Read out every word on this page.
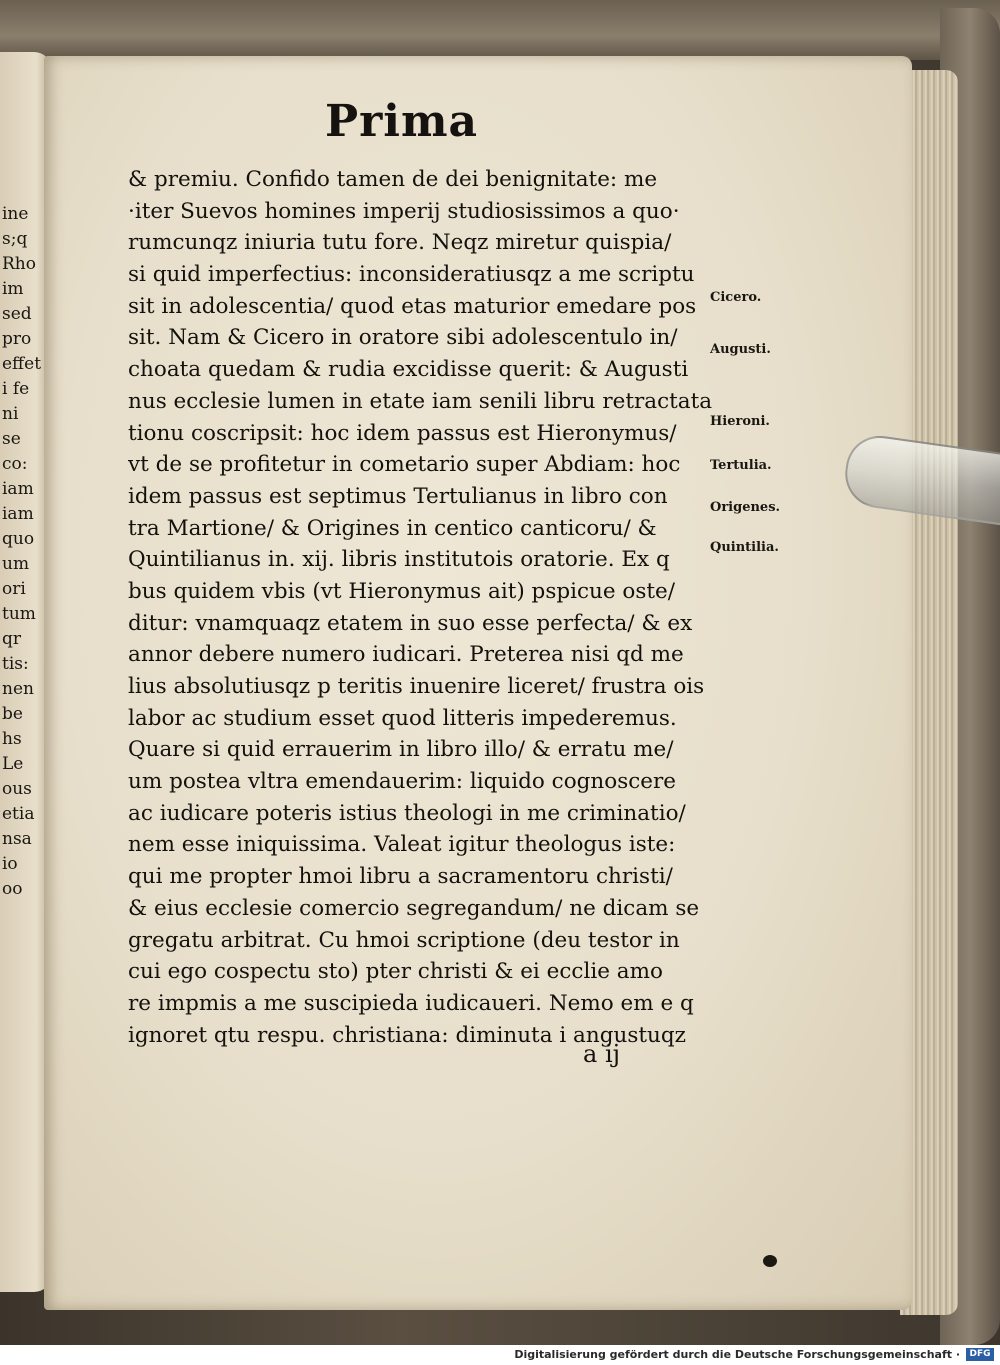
ine
s;q
Rho
im
sed
pro
effet
i fe
ni
se
co:
iam
iam
quo
um
ori
tum
qr
tis:
nen
be
hs
Le
ous
etia
nsa
io
oo
Prima
& premiu. Confido tamen de dei benignitate: me
·iter Suevos homines imperij studiosissimos a quo·
rumcunqz iniuria tutu fore. Neqz miretur quispia/
si quid imperfectius: inconsideratiusqz a me scriptu
sit in adolescentia/ quod etas maturior emedare pos
sit. Nam & Cicero in oratore sibi adolescentulo in/
choata quedam & rudia excidisse querit: & Augusti
nus ecclesie lumen in etate iam senili libru retractata
tionu coscripsit: hoc idem passus est Hieronymus/
vt de se profitetur in cometario super Abdiam: hoc
idem passus est septimus Tertulianus in libro con
tra Martione/ & Origines in centico canticoru/ &
Quintilianus in. xij. libris institutois oratorie. Ex q
bus quidem vbis (vt Hieronymus ait) pspicue oste/
ditur: vnamquaqz etatem in suo esse perfecta/ & ex
annor debere numero iudicari. Preterea nisi qd me
lius absolutiusqz p teritis inuenire liceret/ frustra ois
labor ac studium esset quod litteris impederemus.
Quare si quid errauerim in libro illo/ & erratu me/
um postea vltra emendauerim: liquido cognoscere
ac iudicare poteris istius theologi in me criminatio/
nem esse iniquissima. Valeat igitur theologus iste:
qui me propter hmoi libru a sacramentoru christi/
& eius ecclesie comercio segregandum/ ne dicam se
gregatu arbitrat. Cu hmoi scriptione (deu testor in
cui ego cospectu sto) pter christi & ei ecclie amo
re impmis a me suscipieda iudicaueri. Nemo em e q
ignoret qtu respu. christiana: diminuta i angustuqz
Cicero.
Augusti.
Hieroni.
Tertulia.
Origenes.
Quintilia.
a ij
Digitalisierung gefördert durch die Deutsche Forschungsgemeinschaft ·	DFG
